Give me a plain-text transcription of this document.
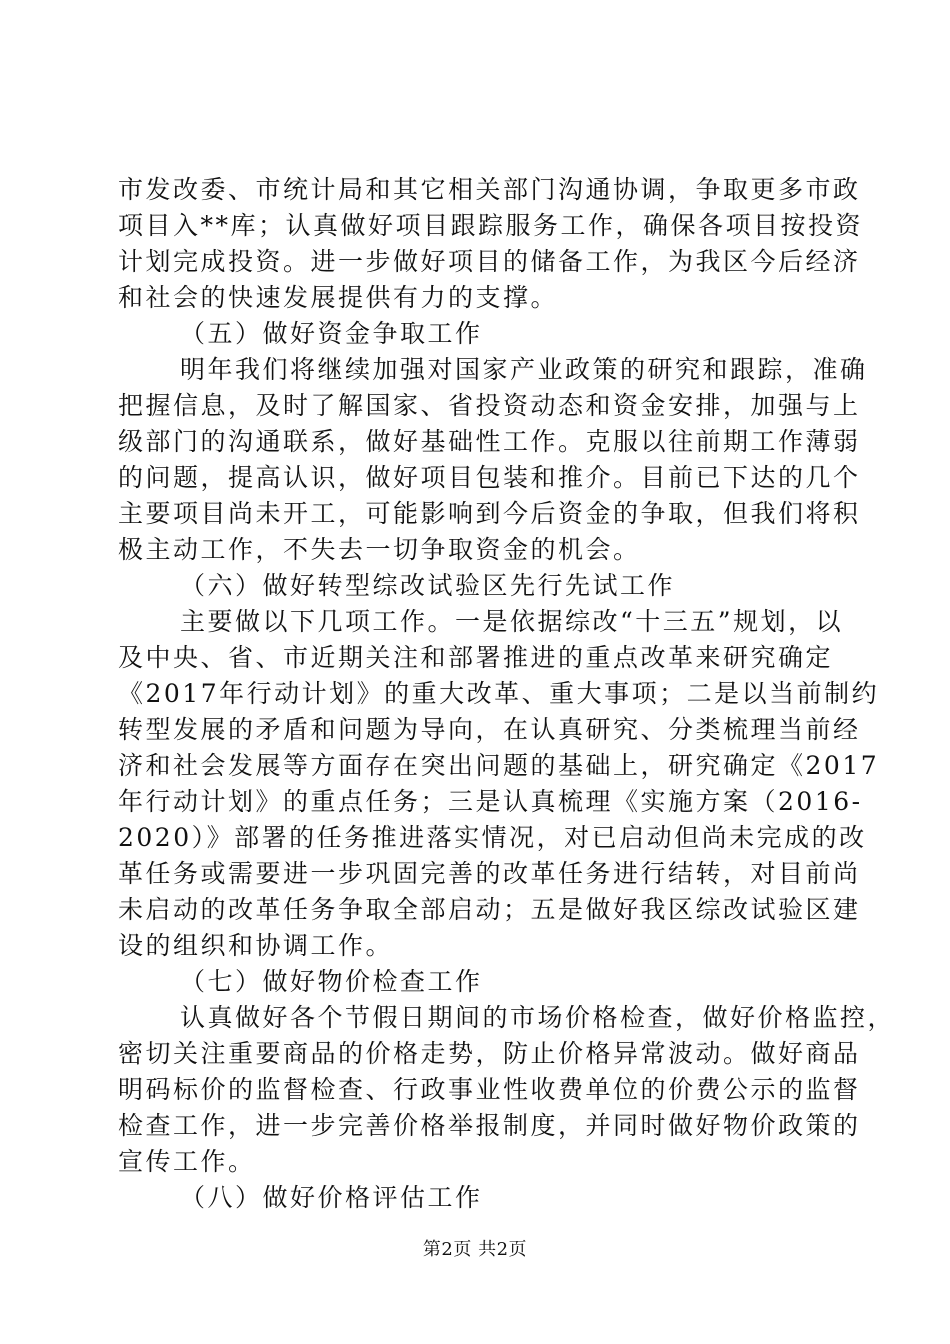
市发改委、市统计局和其它相关部门沟通协调，争取更多市政
项目入**库；认真做好项目跟踪服务工作，确保各项目按投资
计划完成投资。进一步做好项目的储备工作，为我区今后经济
和社会的快速发展提供有力的支撑。
（五）做好资金争取工作
明年我们将继续加强对国家产业政策的研究和跟踪，准确
把握信息，及时了解国家、省投资动态和资金安排，加强与上
级部门的沟通联系，做好基础性工作。克服以往前期工作薄弱
的问题，提高认识，做好项目包装和推介。目前已下达的几个
主要项目尚未开工，可能影响到今后资金的争取，但我们将积
极主动工作，不失去一切争取资金的机会。
（六）做好转型综改试验区先行先试工作
主要做以下几项工作。一是依据综改“十三五”规划，以
及中央、省、市近期关注和部署推进的重点改革来研究确定
《2017年行动计划》的重大改革、重大事项；二是以当前制约
转型发展的矛盾和问题为导向，在认真研究、分类梳理当前经
济和社会发展等方面存在突出问题的基础上，研究确定《2017
年行动计划》的重点任务；三是认真梳理《实施方案（2016-
2020）》部署的任务推进落实情况，对已启动但尚未完成的改
革任务或需要进一步巩固完善的改革任务进行结转，对目前尚
未启动的改革任务争取全部启动；五是做好我区综改试验区建
设的组织和协调工作。
（七）做好物价检查工作
认真做好各个节假日期间的市场价格检查，做好价格监控，
密切关注重要商品的价格走势，防止价格异常波动。做好商品
明码标价的监督检查、行政事业性收费单位的价费公示的监督
检查工作，进一步完善价格举报制度，并同时做好物价政策的
宣传工作。
（八）做好价格评估工作
第2页 共2页
